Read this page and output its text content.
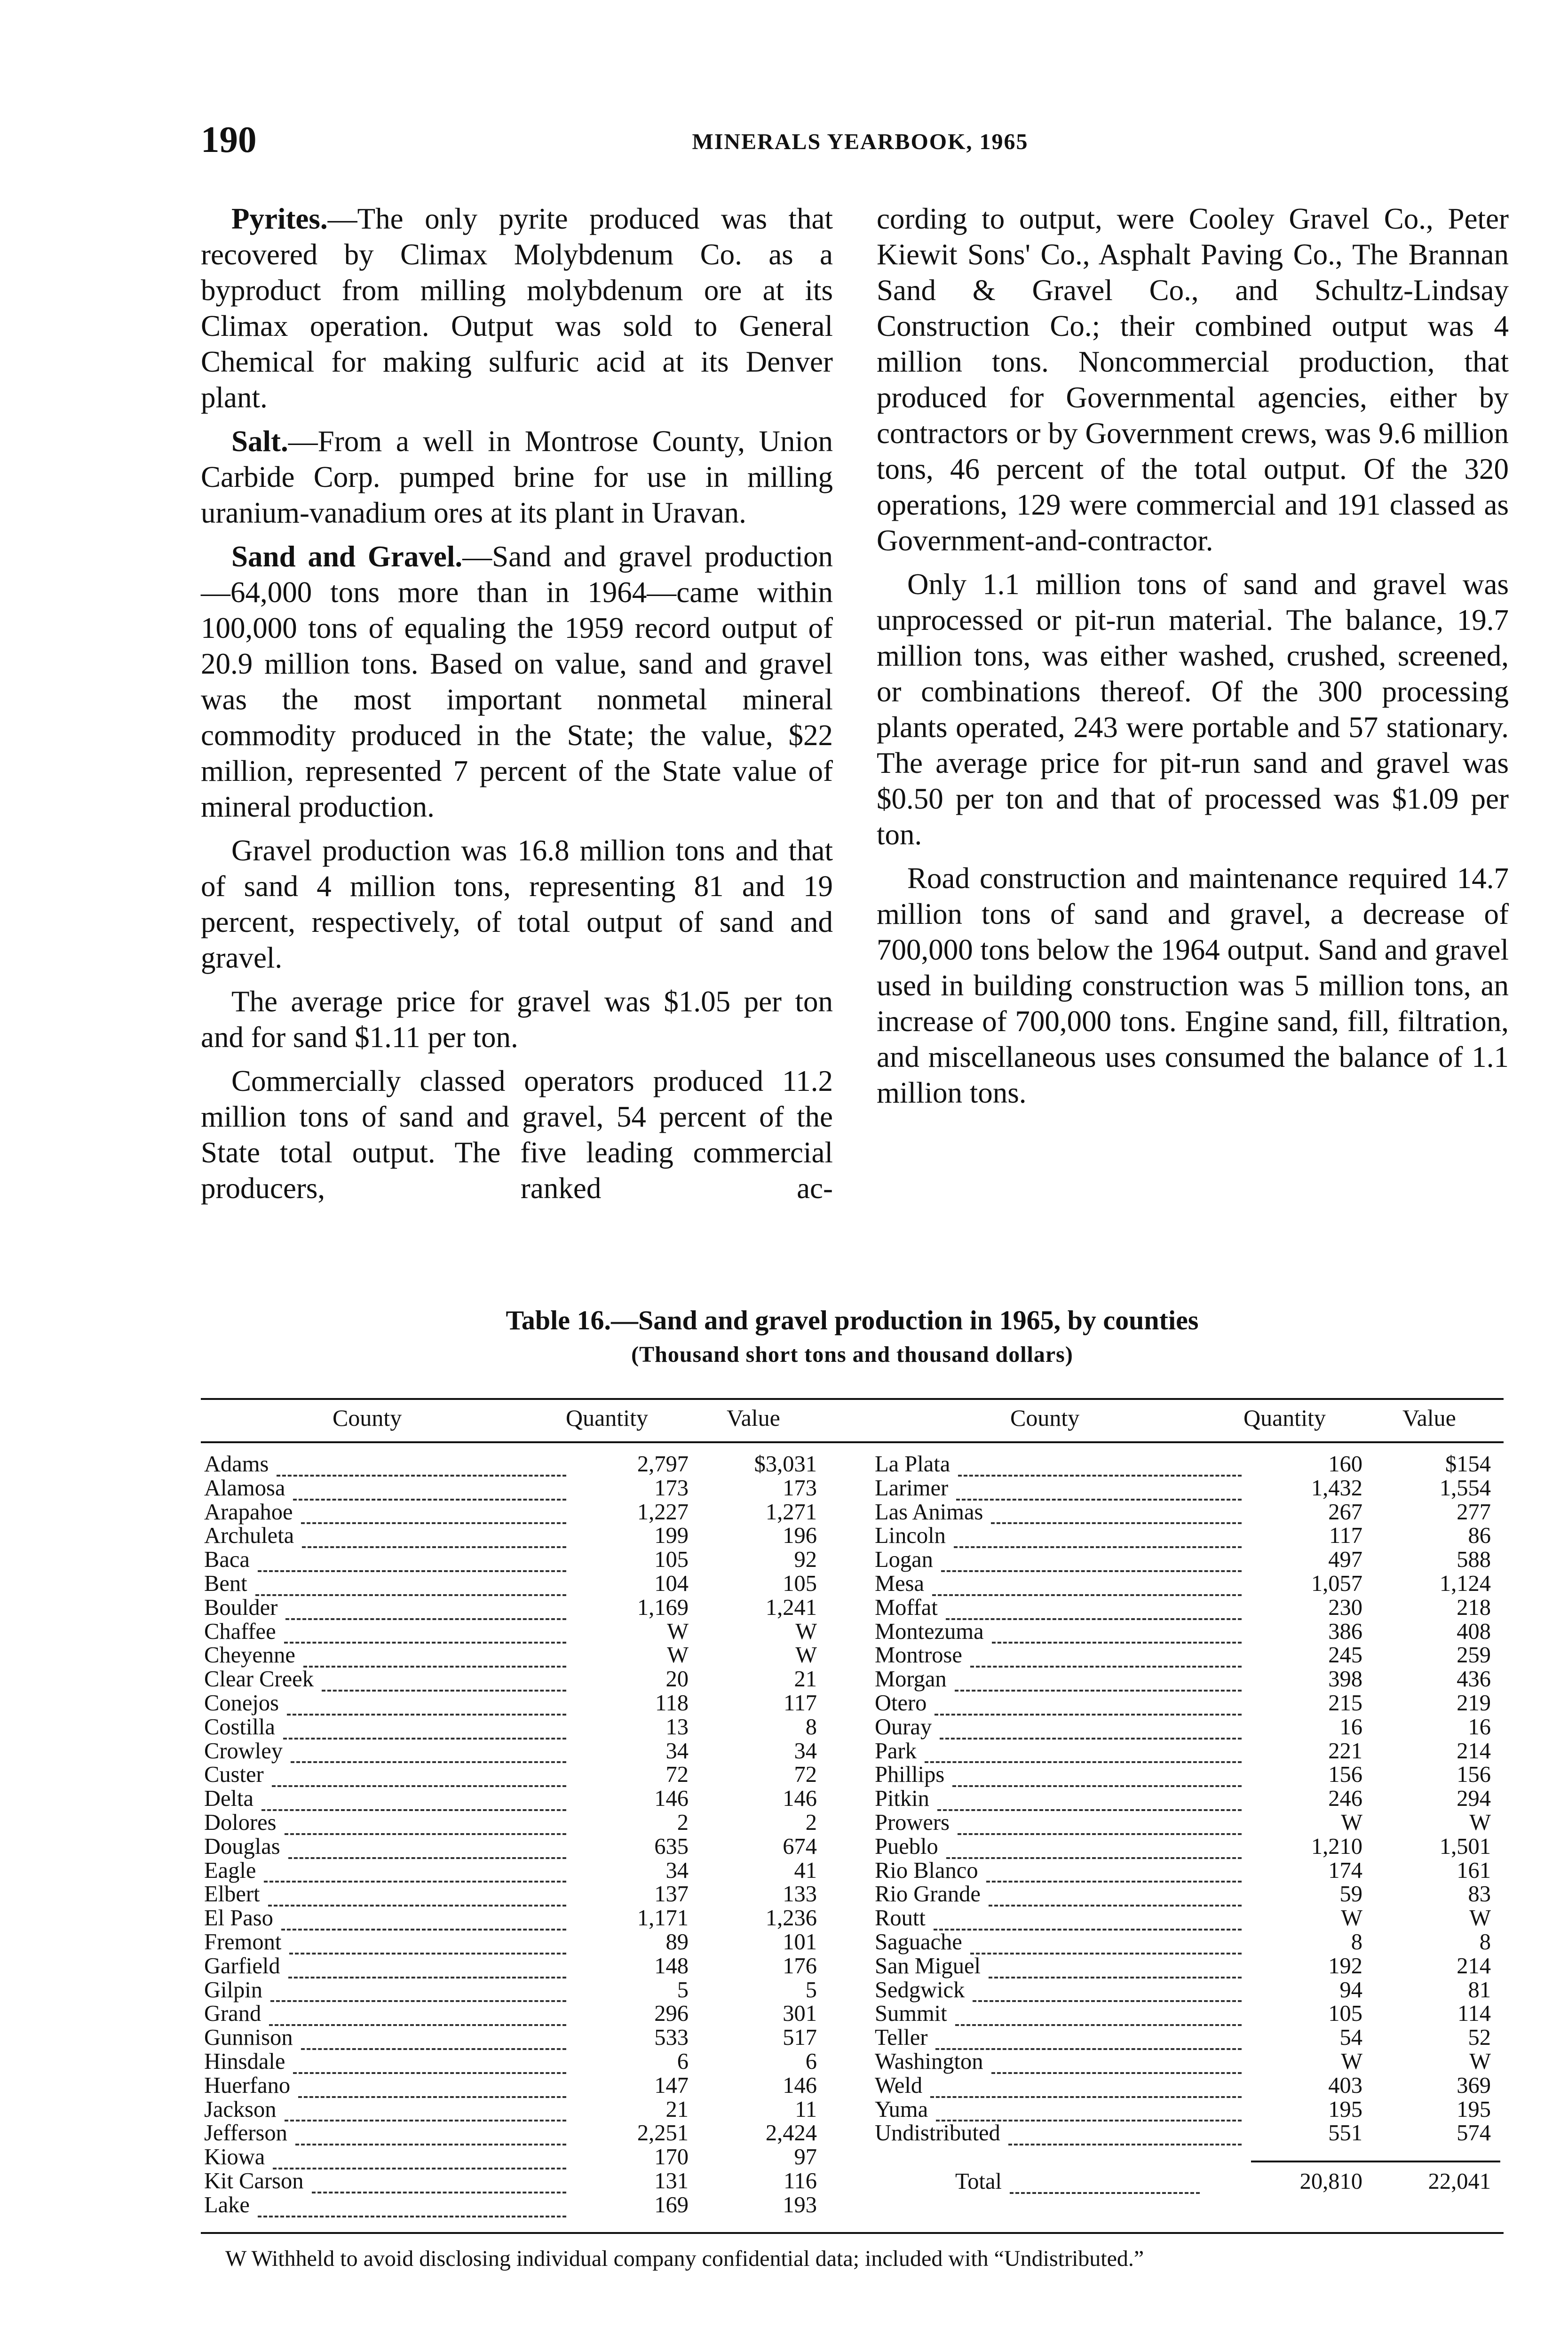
190	MINERALS YEARBOOK, 1965

Pyrites.—The only pyrite produced was that recovered by Climax Molybdenum Co. as a byproduct from milling molybdenum ore at its Climax operation. Output was sold to General Chemical for making sulfuric acid at its Denver plant.

Salt.—From a well in Montrose County, Union Carbide Corp. pumped brine for use in milling uranium-vanadium ores at its plant in Uravan.

Sand and Gravel.—Sand and gravel production—64,000 tons more than in 1964—came within 100,000 tons of equaling the 1959 record output of 20.9 million tons. Based on value, sand and gravel was the most important nonmetal mineral commodity produced in the State; the value, $22 million, represented 7 percent of the State value of mineral production.

Gravel production was 16.8 million tons and that of sand 4 million tons, representing 81 and 19 percent, respectively, of total output of sand and gravel.

The average price for gravel was $1.05 per ton and for sand $1.11 per ton.

Commercially classed operators produced 11.2 million tons of sand and gravel, 54 percent of the State total output. The five leading commercial producers, ranked ac-

cording to output, were Cooley Gravel Co., Peter Kiewit Sons' Co., Asphalt Paving Co., The Brannan Sand & Gravel Co., and Schultz-Lindsay Construction Co.; their combined output was 4 million tons. Noncommercial production, that produced for Governmental agencies, either by contractors or by Government crews, was 9.6 million tons, 46 percent of the total output. Of the 320 operations, 129 were commercial and 191 classed as Government-and-contractor.

Only 1.1 million tons of sand and gravel was unprocessed or pit-run material. The balance, 19.7 million tons, was either washed, crushed, screened, or combinations thereof. Of the 300 processing plants operated, 243 were portable and 57 stationary. The average price for pit-run sand and gravel was $0.50 per ton and that of processed was $1.09 per ton.

Road construction and maintenance required 14.7 million tons of sand and gravel, a decrease of 700,000 tons below the 1964 output. Sand and gravel used in building construction was 5 million tons, an increase of 700,000 tons. Engine sand, fill, filtration, and miscellaneous uses consumed the balance of 1.1 million tons.

Table 16.—Sand and gravel production in 1965, by counties
(Thousand short tons and thousand dollars)
County	Quantity	Value	County	Quantity	Value
Adams	2,797	$3,031
Alamosa	173	173
Arapahoe	1,227	1,271
Archuleta	199	196
Baca	105	92
Bent	104	105
Boulder	1,169	1,241
Chaffee	W	W
Cheyenne	W	W
Clear Creek	20	21
Conejos	118	117
Costilla	13	8
Crowley	34	34
Custer	72	72
Delta	146	146
Dolores	2	2
Douglas	635	674
Eagle	34	41
Elbert	137	133
El Paso	1,171	1,236
Fremont	89	101
Garfield	148	176
Gilpin	5	5
Grand	296	301
Gunnison	533	517
Hinsdale	6	6
Huerfano	147	146
Jackson	21	11
Jefferson	2,251	2,424
Kiowa	170	97
Kit Carson	131	116
Lake	169	193
La Plata	160	$154
Larimer	1,432	1,554
Las Animas	267	277
Lincoln	117	86
Logan	497	588
Mesa	1,057	1,124
Moffat	230	218
Montezuma	386	408
Montrose	245	259
Morgan	398	436
Otero	215	219
Ouray	16	16
Park	221	214
Phillips	156	156
Pitkin	246	294
Prowers	W	W
Pueblo	1,210	1,501
Rio Blanco	174	161
Rio Grande	59	83
Routt	W	W
Saguache	8	8
San Miguel	192	214
Sedgwick	94	81
Summit	105	114
Teller	54	52
Washington	W	W
Weld	403	369
Yuma	195	195
Undistributed	551	574
Total	20,810	22,041
W Withheld to avoid disclosing individual company confidential data; included with “Undistributed.”
